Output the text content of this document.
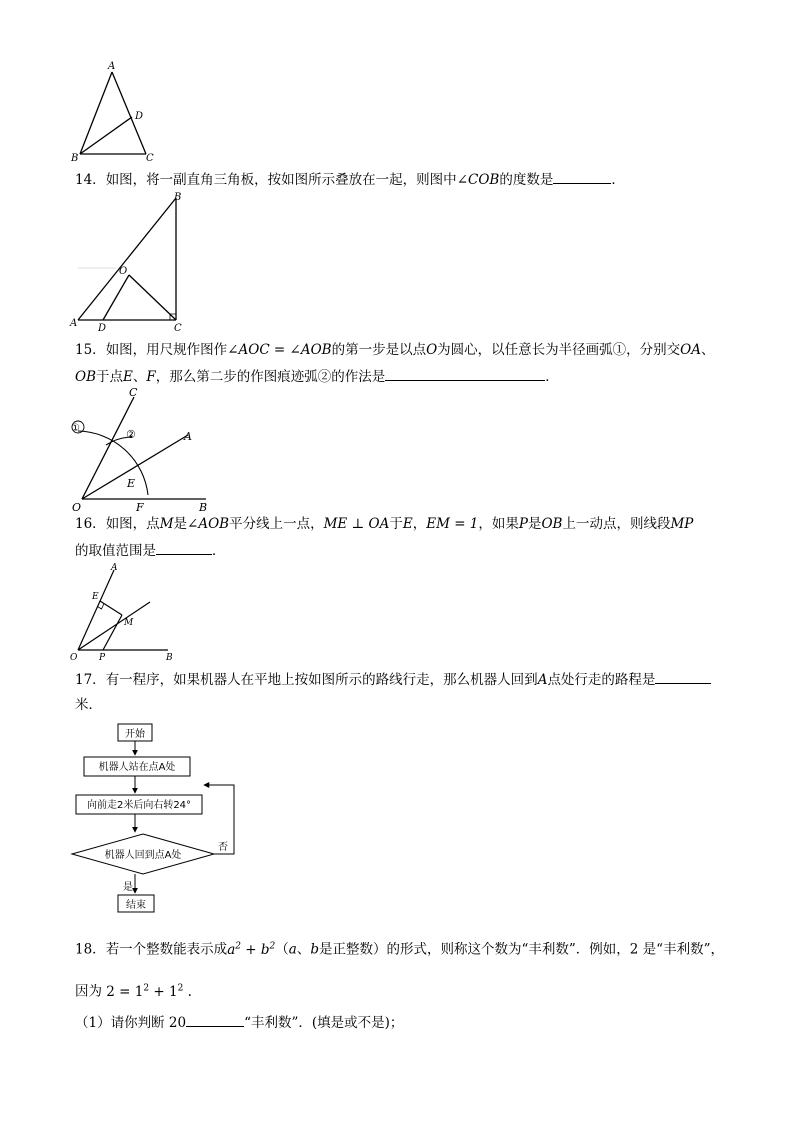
A
D
B	C
14．如图，将一副直角三角板，按如图所示叠放在一起，则图中∠COB的度数是	．
B
O
A D	C
15．如图，用尺规作图作∠AOC = ∠AOB的第一步是以点O为圆心，以任意长为半径画弧①，分别交OA、
OB于点E、F，那么第二步的作图痕迹弧②的作法是	．
①	②
C
A
E
O	F	B
16．如图，点M是∠AOB平分线上一点，ME ⊥ OA于E，EM = 1，如果P是OB上一动点，则线段MP
的取值范围是	．
A
E
M
O P	B
17．有一程序，如果机器人在平地上按如图所示的路线行走，那么机器人回到A点处行走的路程是
米．
开始
机器人站在点A处
向前走2米后向右转24°
机器人回到点A处
否
是
结束
18．若一个整数能表示成$a^2 + b^2(a$、b是正整数）的形式，则称这个数为“丰利数”．例如，2 是“丰利数”，
因为 $2 = 1^2 + 1^2$ .
（1）请你判断 20	“丰利数”．(填是或不是)；
